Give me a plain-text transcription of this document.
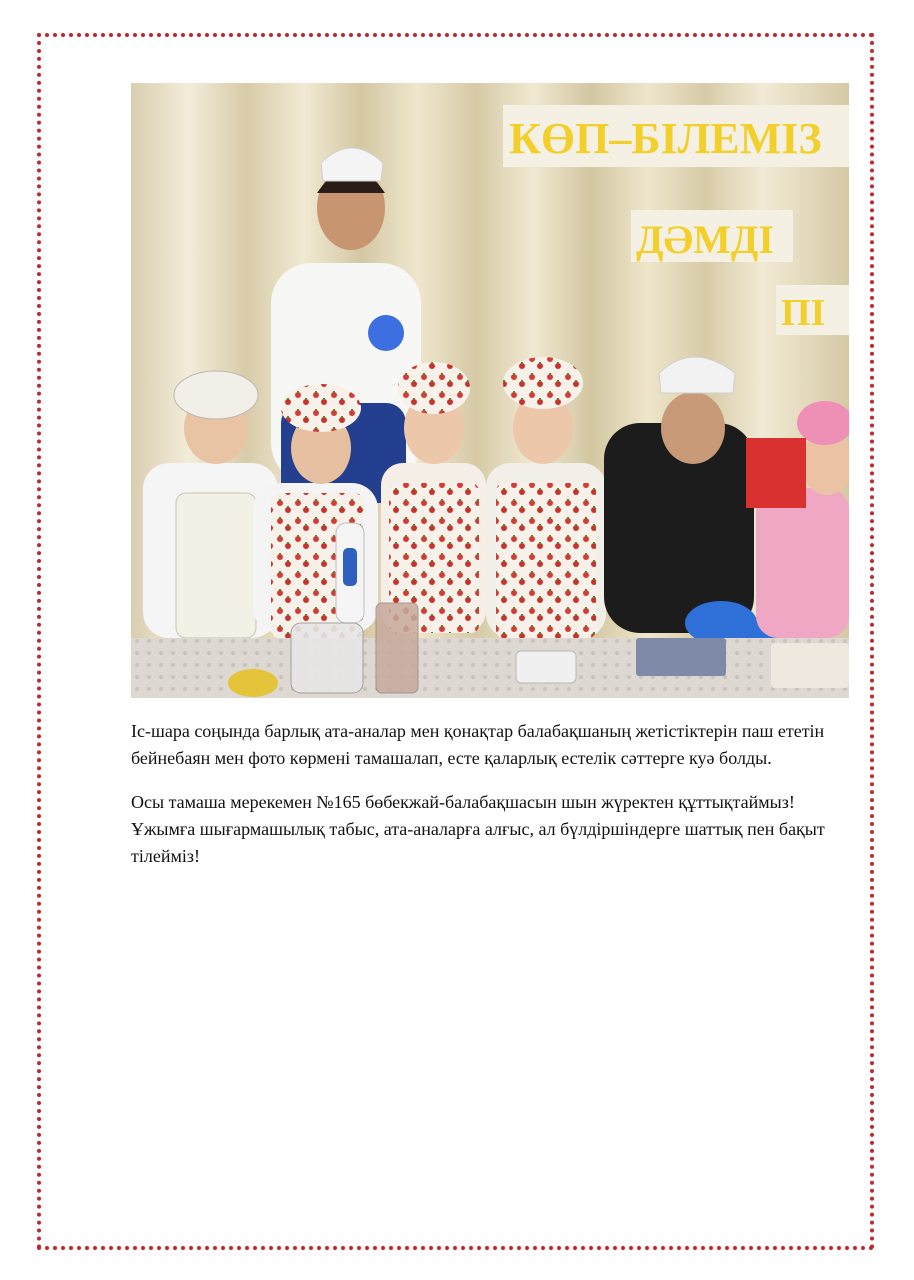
КӨП–БІЛЕМІЗ
ДӘМДІ
ПІ

Іс-шара соңында барлық ата-аналар мен қонақтар балабақшаның жетістіктерін паш ететін бейнебаян мен фото көрмені тамашалап, есте қаларлық естелік сәттерге куә болды.

Осы тамаша мерекемен №165 бөбекжай-балабақшасын шын жүректен құттықтаймыз! Ұжымға шығармашылық табыс, ата-аналарға алғыс, ал бүлдіршіндерге шаттық пен бақыт тілейміз!
